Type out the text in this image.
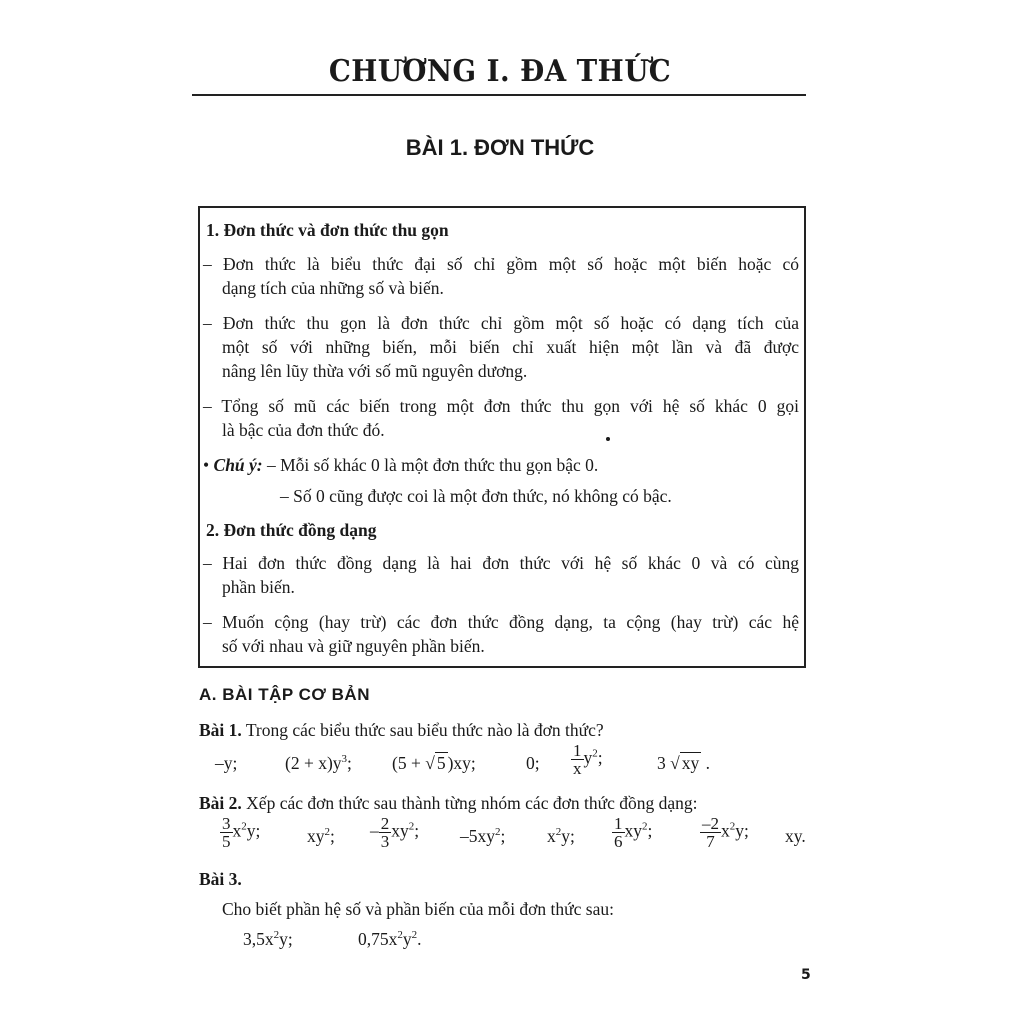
CHƯƠNG I. ĐA THỨC
BÀI 1. ĐƠN THỨC
1. Đơn thức và đơn thức thu gọn
– Đơn thức là biểu thức đại số chỉ gồm một số hoặc một biến hoặc có
dạng tích của những số và biến.
– Đơn thức thu gọn là đơn thức chỉ gồm một số hoặc có dạng tích của
một số với những biến, mỗi biến chỉ xuất hiện một lần và đã được
nâng lên lũy thừa với số mũ nguyên dương.
– Tổng số mũ các biến trong một đơn thức thu gọn với hệ số khác 0 gọi
là bậc của đơn thức đó.
• Chú ý: – Mỗi số khác 0 là một đơn thức thu gọn bậc 0.
– Số 0 cũng được coi là một đơn thức, nó không có bậc.
2. Đơn thức đồng dạng
– Hai đơn thức đồng dạng là hai đơn thức với hệ số khác 0 và có cùng
phần biến.
– Muốn cộng (hay trừ) các đơn thức đồng dạng, ta cộng (hay trừ) các hệ
số với nhau và giữ nguyên phần biến.
A. BÀI TẬP CƠ BẢN
Bài 1. Trong các biểu thức sau biểu thức nào là đơn thức?
–y;	$(2 + x)y^3$; (5 + √ 5 )xy;	0; $\frac{1}{x} y^2$;	3 √ xy .
Bài 2. Xếp các đơn thức sau thành từng nhóm các đơn thức đồng dạng:
$\frac{3}{5} x^2y$;	$xy^2$; – $\frac{2}{3} xy^2$; $-5xy^2$; $x^2y$; $\frac{1}{6} xy^2$;	$\frac{-2}{7} x^2y$; xy.
Bài 3.
Cho biết phần hệ số và phần biến của mỗi đơn thức sau:
$3,5x^2y$;	$0,75x^2y^2$.
5
